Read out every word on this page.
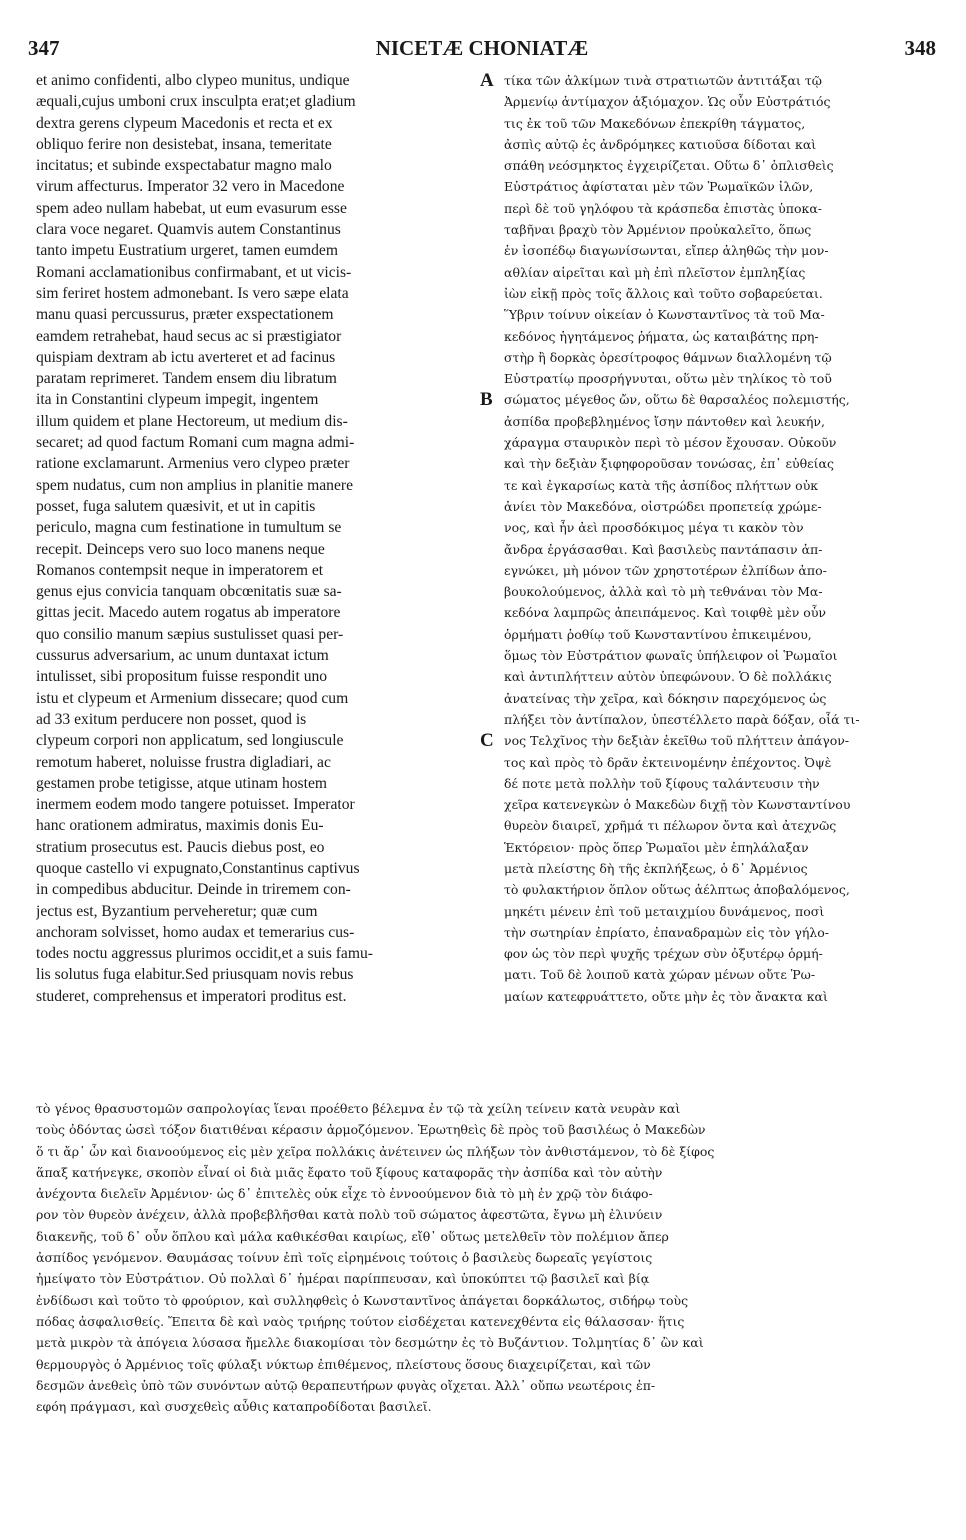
347	NICETÆ CHONIATÆ	348
et animo confidenti, albo clypeo munitus, undique
æquali,cujus umboni crux insculpta erat;et gladium
dextra gerens clypeum Macedonis et recta et ex
obliquo ferire non desistebat, insana, temeritate
incitatus; et subinde exspectabatur magno malo
virum affecturus. Imperator 32 vero in Macedone
spem adeo nullam habebat, ut eum evasurum esse
clara voce negaret. Quamvis autem Constantinus
tanto impetu Eustratium urgeret, tamen eumdem
Romani acclamationibus confirmabant, et ut vicis-
sim feriret hostem admonebant. Is vero sæpe elata
manu quasi percussurus, præter exspectationem
eamdem retrahebat, haud secus ac si præstigiator
quispiam dextram ab ictu averteret et ad facinus
paratam reprimeret. Tandem ensem diu libratum
ita in Constantini clypeum impegit, ingentem
illum quidem et plane Hectoreum, ut medium dis-
secaret; ad quod factum Romani cum magna admi-
ratione exclamarunt. Armenius vero clypeo præter
spem nudatus, cum non amplius in planitie manere
posset, fuga salutem quæsivit, et ut in capitis
periculo, magna cum festinatione in tumultum se
recepit. Deinceps vero suo loco manens neque
Romanos contempsit neque in imperatorem et
genus ejus convicia tanquam obcœnitatis suæ sa-
gittas jecit. Macedo autem rogatus ab imperatore
quo consilio manum sæpius sustulisset quasi per-
cussurus adversarium, ac unum duntaxat ictum
intulisset, sibi propositum fuisse respondit uno
istu et clypeum et Armenium dissecare; quod cum
ad 33 exitum perducere non posset, quod is
clypeum corpori non applicatum, sed longiuscule
remotum haberet, noluisse frustra digladiari, ac
gestamen probe tetigisse, atque utinam hostem
inermem eodem modo tangere potuisset. Imperator
hanc orationem admiratus, maximis donis Eu-
stratium prosecutus est. Paucis diebus post, eo
quoque castello vi expugnato,Constantinus captivus
in compedibus abducitur. Deinde in triremem con-
jectus est, Byzantium perveheretur; quæ cum
anchoram solvisset, homo audax et temerarius cus-
todes noctu aggressus plurimos occidit,et a suis famu-
lis solutus fuga elabitur.Sed priusquam novis rebus
studeret, comprehensus et imperatori proditus est.
A
B
C
τίκα τῶν ἀλκίμων τινὰ στρατιωτῶν ἀντιτάξαι τῷ
Ἀρμενίῳ ἀντίμαχον ἀξιόμαχον. Ὡς οὖν Εὐστράτιός
τις ἐκ τοῦ τῶν Μακεδόνων ἐπεκρίθη τάγματος,
ἀσπὶς αὐτῷ ἐς ἀνδρόμηκες κατιοῦσα δίδοται καὶ
σπάθη νεόσμηκτος ἐγχειρίζεται. Οὕτω δ᾽ ὁπλισθεὶς
Εὐστράτιος ἀφίσταται μὲν τῶν Ῥωμαϊκῶν ἰλῶν,
περὶ δὲ τοῦ γηλόφου τὰ κράσπεδα ἐπιστὰς ὑποκα-
ταβῆναι βραχὺ τὸν Ἀρμένιον προὐκαλεῖτο, ὅπως
ἐν ἰσοπέδῳ διαγωνίσωνται, εἴπερ ἀληθῶς τὴν μον-
αθλίαν αἱρεῖται καὶ μὴ ἐπὶ πλεῖστον ἐμπληξίας
ἰὼν εἰκῇ πρὸς τοῖς ἄλλοις καὶ τοῦτο σοβαρεύεται.
Ὕβριν τοίνυν οἰκείαν ὁ Κωνσταντῖνος τὰ τοῦ Μα-
κεδόνος ἡγητάμενος ῥήματα, ὡς καταιβάτης πρη-
στὴρ ἢ δορκὰς ὀρεσίτροφος θάμνων διαλλομένη τῷ
Εὐστρατίῳ προσρήγνυται, οὕτω μὲν τηλίκος τὸ τοῦ
σώματος μέγεθος ὤν, οὕτω δὲ θαρσαλέος πολεμιστής,
ἀσπίδα προβεβλημένος ἴσην πάντοθεν καὶ λευκήν,
χάραγμα σταυρικὸν περὶ τὸ μέσον ἔχουσαν. Οὐκοῦν
καὶ τὴν δεξιὰν ξιφηφοροῦσαν τονώσας, ἐπ᾽ εὐθείας
τε καὶ ἐγκαρσίως κατὰ τῆς ἀσπίδος πλήττων οὐκ
ἀνίει τὸν Μακεδόνα, οἰστρώδει προπετείᾳ χρώμε-
νος, καὶ ἦν ἀεὶ προσδόκιμος μέγα τι κακὸν τὸν
ἄνδρα ἐργάσασθαι. Καὶ βασιλεὺς παντάπασιν ἀπ-
εγνώκει, μὴ μόνον τῶν χρηστοτέρων ἐλπίδων ἀπο-
βουκολούμενος, ἀλλὰ καὶ τὸ μὴ τεθνάναι τὸν Μα-
κεδόνα λαμπρῶς ἀπειπάμενος. Καὶ τοιφθὲ μὲν οὖν
ὁρμήματι ῥοθίῳ τοῦ Κωνσταντίνου ἐπικειμένου,
ὅμως τὸν Εὐστράτιον φωναῖς ὑπήλειφον οἱ Ῥωμαῖοι
καὶ ἀντιπλήττειν αὐτὸν ὑπεφώνουν. Ὁ δὲ πολλάκις
ἀνατείνας τὴν χεῖρα, καὶ δόκησιν παρεχόμενος ὡς
πλήξει τὸν ἀντίπαλον, ὑπεστέλλετο παρὰ δόξαν, οἷά τι-
νος Τελχῖνος τὴν δεξιὰν ἐκεῖθω τοῦ πλήττειν ἀπάγον-
τος καὶ πρὸς τὸ δρᾶν ἐκτεινομένην ἐπέχοντος. Ὀψὲ
δέ ποτε μετὰ πολλὴν τοῦ ξίφους ταλάντευσιν τὴν
χεῖρα κατενεγκὼν ὁ Μακεδὼν διχῇ τὸν Κωνσταντίνου
θυρεὸν διαιρεῖ, χρῆμά τι πέλωρον ὄντα καὶ ἀτεχνῶς
Ἑκτόρειον· πρὸς ὅπερ Ῥωμαῖοι μὲν ἐπηλάλαξαν
μετὰ πλείστης δὴ τῆς ἐκπλήξεως, ὁ δ᾽ Ἀρμένιος
τὸ φυλακτήριον ὅπλον οὕτως ἀέλπτως ἀποβαλόμενος,
μηκέτι μένειν ἐπὶ τοῦ μεταιχμίου δυνάμενος, ποσὶ
τὴν σωτηρίαν ἐπρίατο, ἐπαναδραμὼν εἰς τὸν γήλο-
φον ὡς τὸν περὶ ψυχῆς τρέχων σὺν ὀξυτέρῳ ὁρμή-
ματι. Τοῦ δὲ λοιποῦ κατὰ χώραν μένων οὔτε Ῥω-
μαίων κατεφρυάττετο, οὔτε μὴν ἐς τὸν ἄνακτα καὶ
τὸ γένος θρασυστομῶν σαπρολογίας ἵεναι προέθετο βέλεμνα ἐν τῷ τὰ χείλη τείνειν κατὰ νευρὰν καὶ
τοὺς ὀδόντας ὡσεὶ τόξον διατιθέναι κέρασιν ἁρμοζόμενον. Ἐρωτηθεὶς δὲ πρὸς τοῦ βασιλέως ὁ Μακεδὼν
ὅ τι ἄρ᾽ ὧν καὶ διανοούμενος εἰς μὲν χεῖρα πολλάκις ἀνέτεινεν ὡς πλήξων τὸν ἀνθιστάμενον, τὸ δὲ ξίφος
ἅπαξ κατήνεγκε, σκοπὸν εἶναί οἱ διὰ μιᾶς ἔφατο τοῦ ξίφους καταφορᾶς τὴν ἀσπίδα καὶ τὸν αὐτὴν
ἀνέχοντα διελεῖν Ἀρμένιον· ὡς δ᾽ ἐπιτελὲς οὐκ εἶχε τὸ ἐννοούμενον διὰ τὸ μὴ ἐν χρῷ τὸν διάφο-
ρον τὸν θυρεὸν ἀνέχειν, ἀλλὰ προβεβλῆσθαι κατὰ πολὺ τοῦ σώματος ἀφεστῶτα, ἔγνω μὴ ἐλινύειν
διακενῆς, τοῦ δ᾽ οὖν ὅπλου καὶ μάλα καθικέσθαι καιρίως, εἴθ᾽ οὕτως μετελθεῖν τὸν πολέμιον ἄπερ
ἀσπίδος γενόμενον. Θαυμάσας τοίνυν ἐπὶ τοῖς εἰρημένοις τούτοις ὁ βασιλεὺς δωρεαῖς γεγίστοις
ἠμείψατο τὸν Εὐστράτιον. Οὐ πολλαὶ δ᾽ ἡμέραι παρίππευσαν, καὶ ὑποκύπτει τῷ βασιλεῖ καὶ βίᾳ
ἐνδίδωσι καὶ τοῦτο τὸ φρούριον, καὶ συλληφθεὶς ὁ Κωνσταντῖνος ἀπάγεται δορκάλωτος, σιδήρῳ τοὺς
πόδας ἀσφαλισθείς. Ἔπειτα δὲ καὶ ναὸς τριήρης τούτον εἰσδέχεται κατενεχθέντα εἰς θάλασσαν· ἥτις
μετὰ μικρὸν τὰ ἀπόγεια λύσασα ἤμελλε διακομίσαι τὸν δεσμώτην ἐς τὸ Βυζάντιον. Τολμητίας δ᾽ ὢν καὶ
θερμουργὸς ὁ Ἀρμένιος τοῖς φύλαξι νύκτωρ ἐπιθέμενος, πλείστους ὅσους διαχειρίζεται, καὶ τῶν
δεσμῶν ἀνεθεὶς ὑπὸ τῶν συνόντων αὐτῷ θεραπευτήρων φυγὰς οἴχεται. Ἀλλ᾽ οὔπω νεωτέροις ἐπ-
εφόη πράγμασι, καὶ συσχεθεὶς αὖθις καταπροδίδοται βασιλεῖ.
